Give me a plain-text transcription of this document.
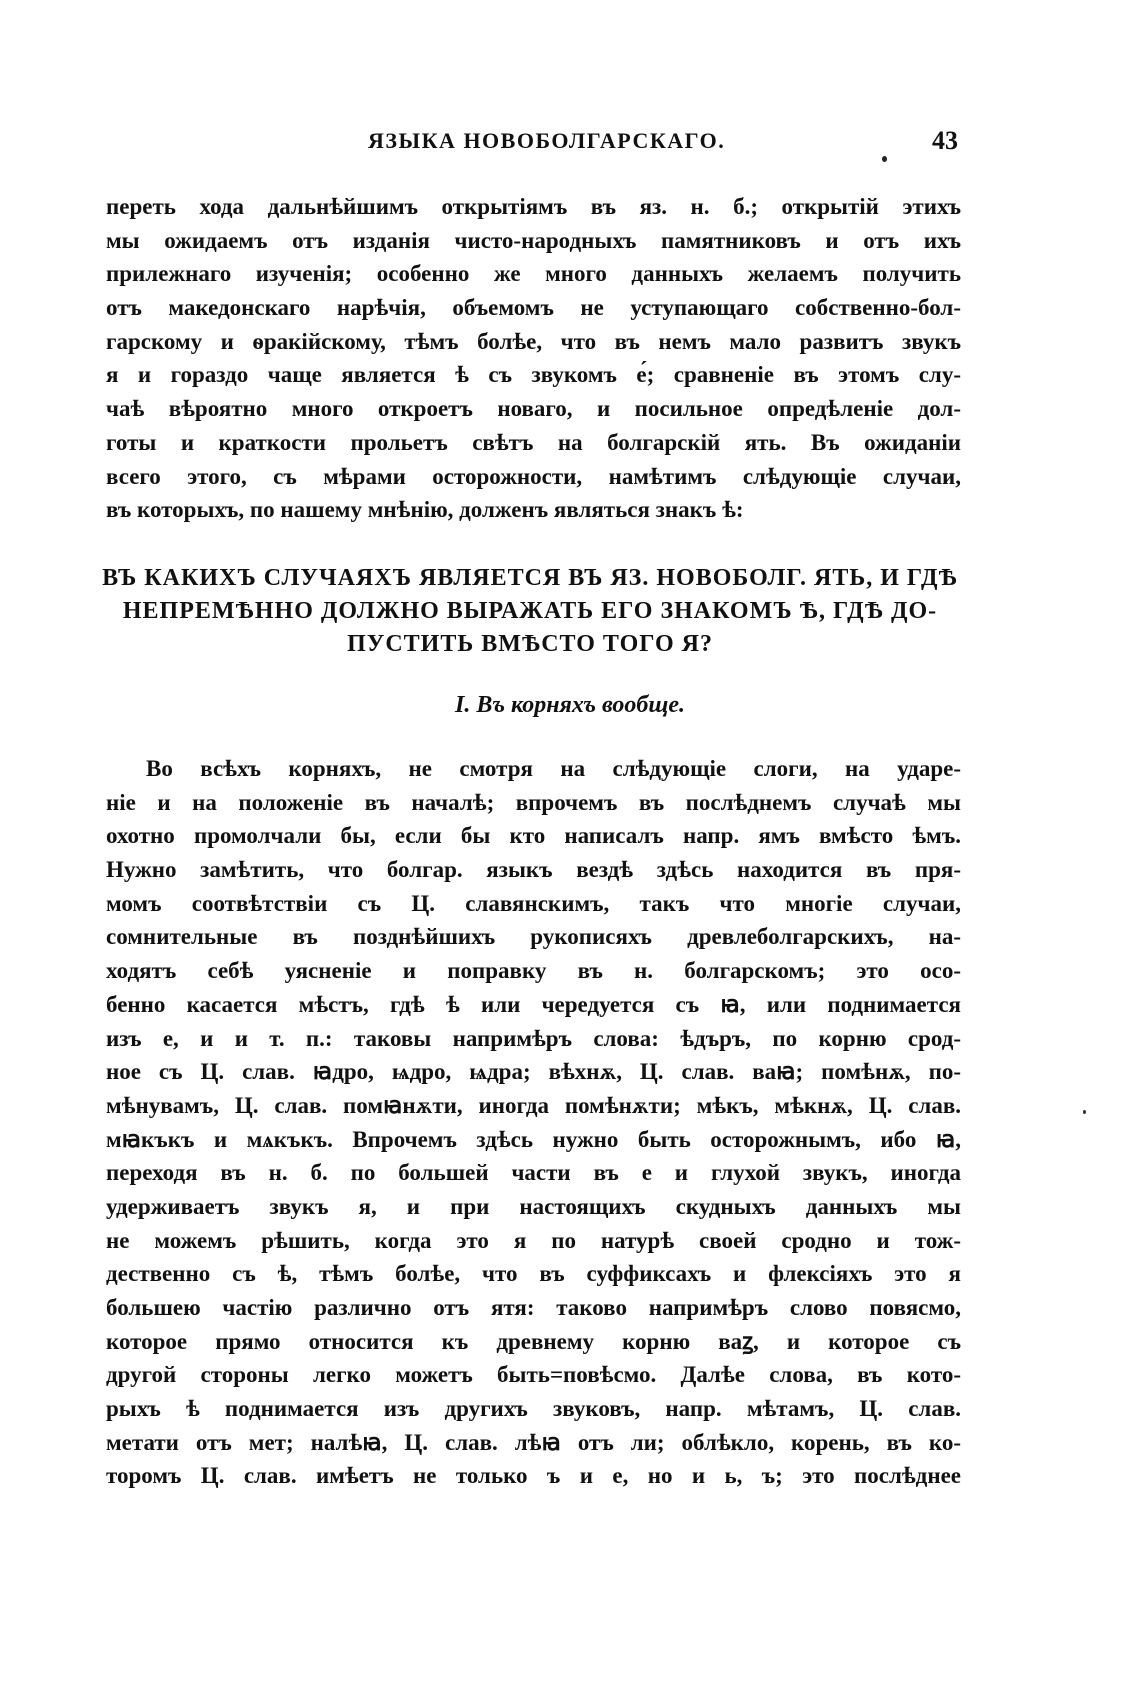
ЯЗЫКА НОВОБОЛГАРСКАГО.	43
переть хода дальнѣйшимъ открытіямъ въ яз. н. б.; открытій этихъ
мы ожидаемъ отъ изданія чисто-народныхъ памятниковъ и отъ ихъ
прилежнаго изученія; особенно же много данныхъ желаемъ получить
отъ македонскаго нарѣчія, объемомъ не уступающаго собственно-бол-
гарскому и ѳракійскому, тѣмъ болѣе, что въ немъ мало развитъ звукъ
я и гораздо чаще является ѣ съ звукомъ е́; сравненіе въ этомъ слу-
чаѣ вѣроятно много откроетъ новаго, и посильное опредѣленіе дол-
готы и краткости прольетъ свѣтъ на болгарскій ять. Въ ожиданіи
всего этого, съ мѣрами осторожности, намѣтимъ слѣдующіе случаи,
въ которыхъ, по нашему мнѣнію, долженъ являться знакъ ѣ:
ВЪ КАКИХЪ СЛУЧАЯХЪ ЯВЛЯЕТСЯ ВЪ ЯЗ. НОВОБОЛГ. ЯТЬ, И ГДѢ
НЕПРЕМѢННО ДОЛЖНО ВЫРАЖАТЬ ЕГО ЗНАКОМЪ Ѣ, ГДѢ ДО-
ПУСТИТЬ ВМѢСТО ТОГО Я?
I. Въ корняхъ вообще.
Во всѣхъ корняхъ, не смотря на слѣдующіе слоги, на ударе-
ніе и на положеніе въ началѣ; впрочемъ въ послѣднемъ случаѣ мы
охотно промолчали бы, если бы кто написалъ напр. ямъ вмѣсто ѣмъ.
Нужно замѣтить, что болгар. языкъ вездѣ здѣсь находится въ пря-
момъ соотвѣтствіи съ Ц. славянскимъ, такъ что многіе случаи,
сомнительные въ позднѣйшихъ рукописяхъ древлеболгарскихъ, на-
ходятъ себѣ уясненіе и поправку въ н. болгарскомъ; это осо-
бенно касается мѣстъ, гдѣ ѣ или чередуется съ ꙗ, или поднимается
изъ е, и и т. п.: таковы напримѣръ слова: ѣдъръ, по корню срод-
ное съ Ц. слав. ꙗдро, ѩдро, ѩдра; вѣхнѫ, Ц. слав. ваꙗ; помѣнѫ, по-
мѣнувамъ, Ц. слав. помꙗнѫти, иногда помѣнѫти; мѣкъ, мѣкнѫ, Ц. слав.
мꙗкъкъ и мѧкъкъ. Впрочемъ здѣсь нужно быть осторожнымъ, ибо ꙗ,
переходя въ н. б. по большей части въ е и глухой звукъ, иногда
удерживаетъ звукъ я, и при настоящихъ скудныхъ данныхъ мы
не можемъ рѣшить, когда это я по натурѣ своей сродно и тож-
дественно съ ѣ, тѣмъ болѣе, что въ суффиксахъ и флексіяхъ это я
большею частію различно отъ ятя: таково напримѣръ слово повясмо,
которое прямо относится къ древнему корню ваꙁ, и которое съ
другой стороны легко можетъ быть=повѣсмо. Далѣе слова, въ кото-
рыхъ ѣ поднимается изъ другихъ звуковъ, напр. мѣтамъ, Ц. слав.
метати отъ мет; налѣꙗ, Ц. слав. лѣꙗ отъ ли; облѣкло, корень, въ ко-
торомъ Ц. слав. имѣетъ не только ъ и е, но и ь, ъ; это послѣднее
